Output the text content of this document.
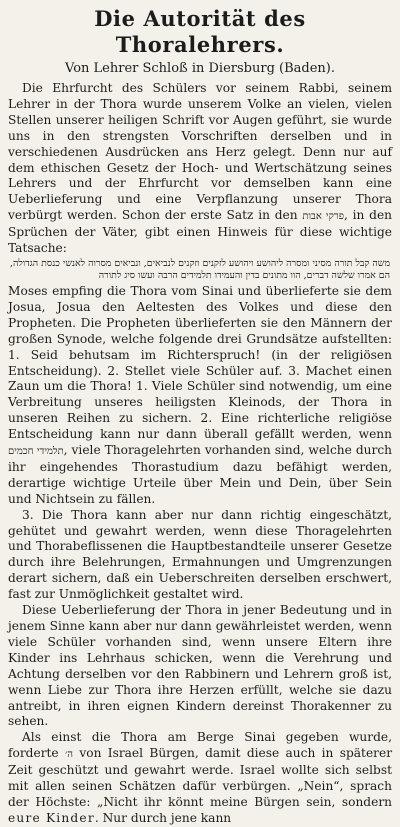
Die Autorität des Thoralehrers.
Von Lehrer Schloß in Diersburg (Baden).

Die Ehrfurcht des Schülers vor seinem Rabbi, seinem Lehrer in der Thora wurde unserem Volke an vielen, vielen Stellen unserer heiligen Schrift vor Augen geführt, sie wurde uns in den strengsten Vorschriften derselben und in verschiedenen Ausdrücken ans Herz gelegt. Denn nur auf dem ethischen Gesetz der Hoch- und Wertschätzung seines Lehrers und der Ehrfurcht vor demselben kann eine Ueberlieferung und eine Verpflanzung unserer Thora verbürgt werden. Schon der erste Satz in den פרקי אבות, in den Sprüchen der Väter, gibt einen Hinweis für diese wichtige Tatsache:

משה קבל תורה מסיני ומסרה ליהושע ויהושע לזקנים וזקנים לנביאים, ונביאים מסרוה לאנשי כנסת הגדולה, הם אמרו שלשה דברים, הוו מתונים בדין והעמידו תלמידים הרבה ועשו סיג לתורה

Moses empfing die Thora vom Sinai und überlieferte sie dem Josua, Josua den Aeltesten des Volkes und diese den Propheten. Die Propheten überlieferten sie den Männern der großen Synode, welche folgende drei Grundsätze aufstellten: 1. Seid behutsam im Richterspruch! (in der religiösen Entscheidung). 2. Stellet viele Schüler auf. 3. Machet einen Zaun um die Thora! 1. Viele Schüler sind notwendig, um eine Verbreitung unseres heiligsten Kleinods, der Thora in unseren Reihen zu sichern. 2. Eine richterliche religiöse Entscheidung kann nur dann überall gefällt werden, wenn תלמידי חכמים, viele Thoragelehrten vorhanden sind, welche durch ihr eingehendes Thorastudium dazu befähigt werden, derartige wichtige Urteile über Mein und Dein, über Sein und Nichtsein zu fällen.

3. Die Thora kann aber nur dann richtig eingeschätzt, gehütet und gewahrt werden, wenn diese Thoragelehrten und Thorabeflissenen die Hauptbestandteile unserer Gesetze durch ihre Belehrungen, Ermahnungen und Umgrenzungen derart sichern, daß ein Ueberschreiten derselben erschwert, fast zur Unmöglichkeit gestaltet wird.

Diese Ueberlieferung der Thora in jener Bedeutung und in jenem Sinne kann aber nur dann gewährleistet werden, wenn viele Schüler vorhanden sind, wenn unsere Eltern ihre Kinder ins Lehrhaus schicken, wenn die Verehrung und Achtung derselben vor den Rabbinern und Lehrern groß ist, wenn Liebe zur Thora ihre Herzen erfüllt, welche sie dazu antreibt, in ihren eignen Kindern dereinst Thorakenner zu sehen.

Als einst die Thora am Berge Sinai gegeben wurde, forderte ה׳ von Israel Bürgen, damit diese auch in späterer Zeit geschützt und gewahrt werde. Israel wollte sich selbst mit allen seinen Schätzen dafür verbürgen. „Nein“, sprach der Höchste: „Nicht ihr könnt meine Bürgen sein, sondern eure Kinder. Nur durch jene kann
